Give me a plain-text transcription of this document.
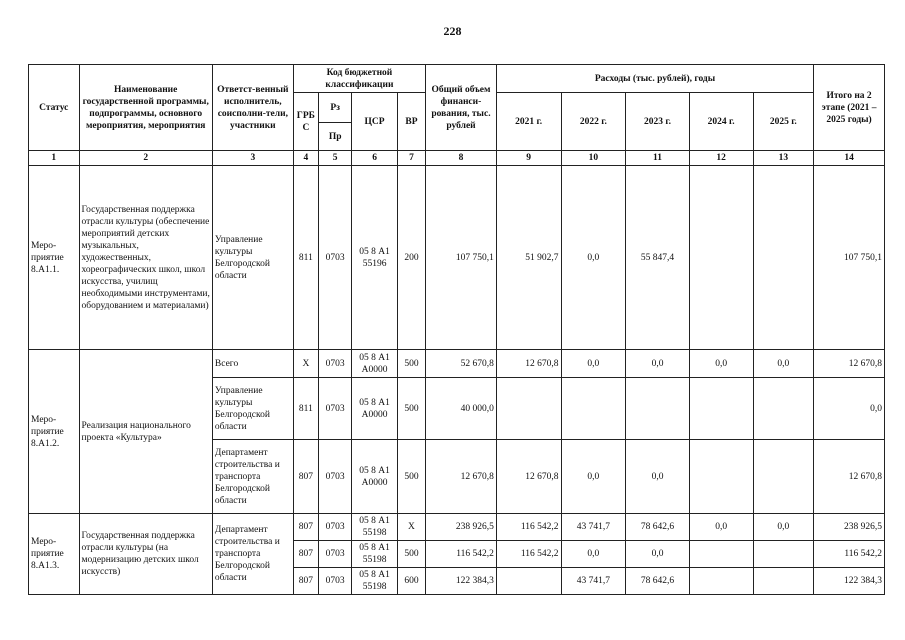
228
Статус	Наименование государственной программы, подпрограммы, основного мероприятия, мероприятия	Ответст-венный исполнитель, соисполни-тели, участники	Код бюджетной классификации				Общий объем финанси-рования, тыс. рублей	Расходы (тыс. рублей), годы					Итого на 2 этапе (2021 – 2025 годы)
			ГРБ С	Рз	ЦСР	ВР		2021 г.	2022 г.	2023 г.	2024 г.	2025 г.	
				Пр									
1	2	3	4	5	6	7	8	9	10	11	12	13	14
Меро-приятие 8.А1.1.	Государственная поддержка отрасли культуры (обеспечение мероприятий детских музыкальных, художественных, хореографических школ, школ искусства, училищ необходимыми инструментами, оборудованием и материалами)	Управление культуры Белгородской области	811	0703	05 8 А1 55196	200	107 750,1	51 902,7	0,0	55 847,4			107 750,1
Меро-приятие 8.А1.2.	Реализация национального проекта «Культура»	Всего	Х	0703	05 8 А1 А0000	500	52 670,8	12 670,8	0,0	0,0	0,0	0,0	12 670,8
		Управление культуры Белгородской области	811	0703	05 8 А1 А0000	500	40 000,0						0,0
		Департамент строительства и транспорта Белгородской области	807	0703	05 8 А1 А0000	500	12 670,8	12 670,8	0,0	0,0			12 670,8
Меро-приятие 8.А1.3.	Государственная поддержка отрасли культуры (на модернизацию детских школ искусств)	Департамент строительства и транспорта Белгородской области	807	0703	05 8 А1 55198	Х	238 926,5	116 542,2	43 741,7	78 642,6	0,0	0,0	238 926,5
			807	0703	05 8 А1 55198	500	116 542,2	116 542,2	0,0	0,0			116 542,2
			807	0703	05 8 А1 55198	600	122 384,3		43 741,7	78 642,6			122 384,3
